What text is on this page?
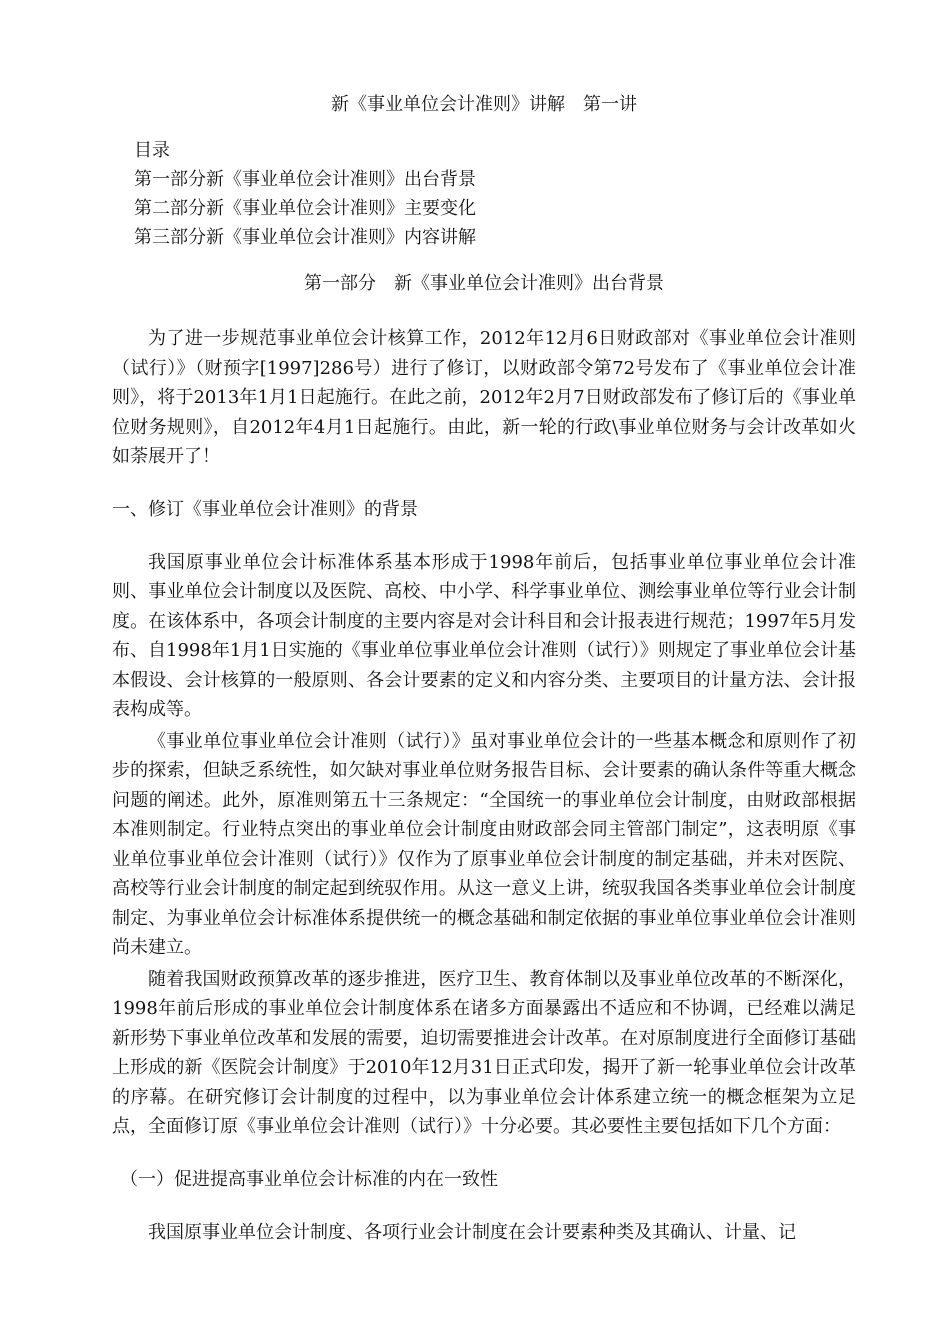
新《事业单位会计准则》讲解　第一讲
目录
第一部分新《事业单位会计准则》出台背景
第二部分新《事业单位会计准则》主要变化
第三部分新《事业单位会计准则》内容讲解
第一部分　新《事业单位会计准则》出台背景

为了进一步规范事业单位会计核算工作，2012年12月6日财政部对《事业单位会计准则（试行）》（财预字[1997]286号）进行了修订，以财政部令第72号发布了《事业单位会计准则》，将于2013年1月1日起施行。在此之前，2012年2月7日财政部发布了修订后的《事业单位财务规则》，自2012年4月1日起施行。由此，新一轮的行政\事业单位财务与会计改革如火如荼展开了！

一、修订《事业单位会计准则》的背景

我国原事业单位会计标准体系基本形成于1998年前后，包括事业单位事业单位会计准则、事业单位会计制度以及医院、高校、中小学、科学事业单位、测绘事业单位等行业会计制度。在该体系中，各项会计制度的主要内容是对会计科目和会计报表进行规范；1997年5月发布、自1998年1月1日实施的《事业单位事业单位会计准则（试行）》则规定了事业单位会计基本假设、会计核算的一般原则、各会计要素的定义和内容分类、主要项目的计量方法、会计报表构成等。

《事业单位事业单位会计准则（试行）》虽对事业单位会计的一些基本概念和原则作了初步的探索，但缺乏系统性，如欠缺对事业单位财务报告目标、会计要素的确认条件等重大概念问题的阐述。此外，原准则第五十三条规定：“全国统一的事业单位会计制度，由财政部根据本准则制定。行业特点突出的事业单位会计制度由财政部会同主管部门制定”，这表明原《事业单位事业单位会计准则（试行）》仅作为了原事业单位会计制度的制定基础，并未对医院、高校等行业会计制度的制定起到统驭作用。从这一意义上讲，统驭我国各类事业单位会计制度制定、为事业单位会计标准体系提供统一的概念基础和制定依据的事业单位事业单位会计准则尚未建立。

随着我国财政预算改革的逐步推进，医疗卫生、教育体制以及事业单位改革的不断深化，1998年前后形成的事业单位会计制度体系在诸多方面暴露出不适应和不协调，已经难以满足新形势下事业单位改革和发展的需要，迫切需要推进会计改革。在对原制度进行全面修订基础上形成的新《医院会计制度》于2010年12月31日正式印发，揭开了新一轮事业单位会计改革的序幕。在研究修订会计制度的过程中，以为事业单位会计体系建立统一的概念框架为立足点，全面修订原《事业单位会计准则（试行）》十分必要。其必要性主要包括如下几个方面：

（一）促进提高事业单位会计标准的内在一致性

我国原事业单位会计制度、各项行业会计制度在会计要素种类及其确认、计量、记
